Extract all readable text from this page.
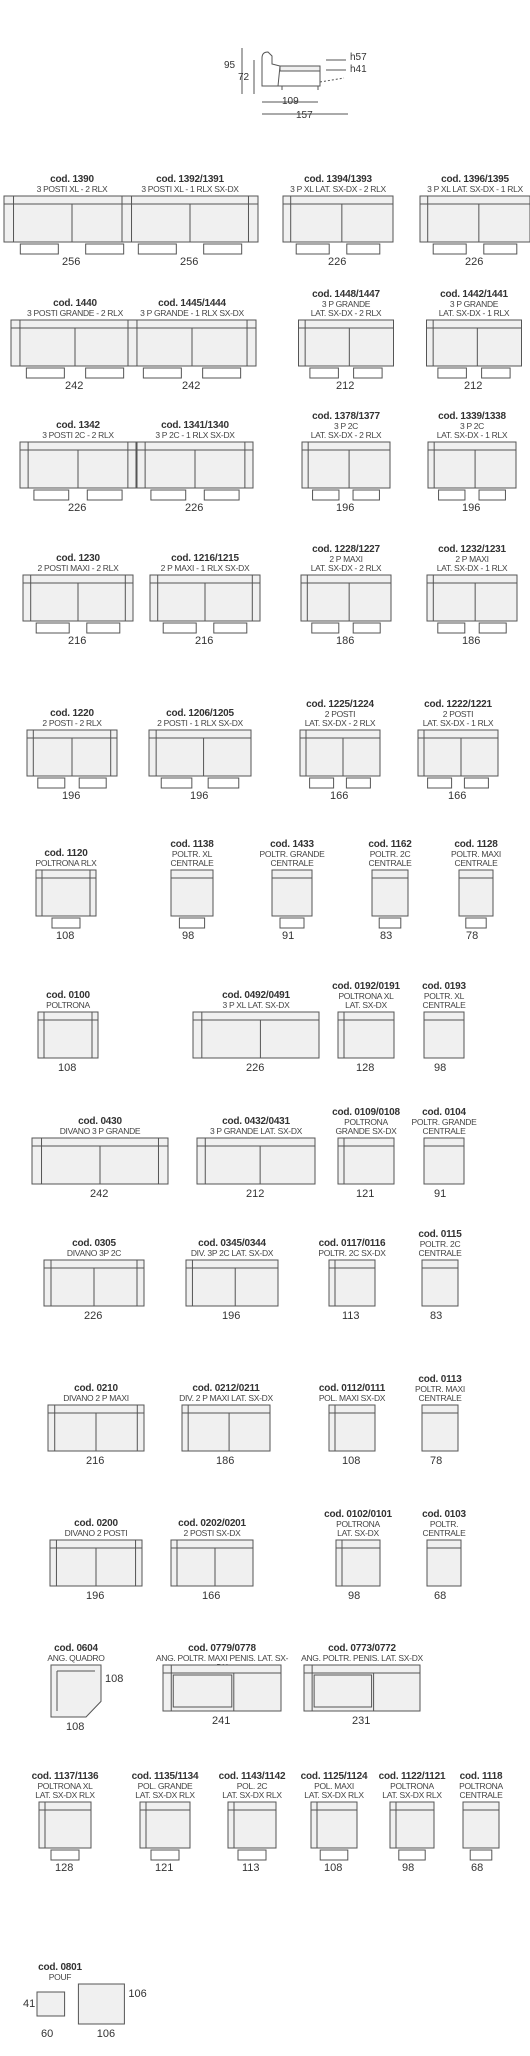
95
72
h57
h41
109
157
cod. 1390
3 POSTI XL - 2 RLX
256
cod. 1392/1391
3 POSTI XL - 1 RLX SX-DX
256
cod. 1394/1393
3 P XL LAT. SX-DX - 2 RLX
226
cod. 1396/1395
3 P XL LAT. SX-DX - 1 RLX
226
cod. 1440
3 POSTI GRANDE - 2 RLX
242
cod. 1445/1444
3 P GRANDE - 1 RLX SX-DX
242
cod. 1448/1447
3 P GRANDE
LAT. SX-DX - 2 RLX
212
cod. 1442/1441
3 P GRANDE
LAT. SX-DX - 1 RLX
212
cod. 1342
3 POSTI 2C - 2 RLX
226
cod. 1341/1340
3 P 2C - 1 RLX SX-DX
226
cod. 1378/1377
3 P 2C
LAT. SX-DX - 2 RLX
196
cod. 1339/1338
3 P 2C
LAT. SX-DX - 1 RLX
196
cod. 1230
2 POSTI MAXI - 2 RLX
216
cod. 1216/1215
2 P MAXI - 1 RLX SX-DX
216
cod. 1228/1227
2 P MAXI
LAT. SX-DX - 2 RLX
186
cod. 1232/1231
2 P MAXI
LAT. SX-DX - 1 RLX
186
cod. 1220
2 POSTI - 2 RLX
196
cod. 1206/1205
2 POSTI - 1 RLX SX-DX
196
cod. 1225/1224
2 POSTI
LAT. SX-DX - 2 RLX
166
cod. 1222/1221
2 POSTI
LAT. SX-DX - 1 RLX
166
cod. 1120
POLTRONA RLX
108
cod. 1138
POLTR. XL
CENTRALE
98
cod. 1433
POLTR. GRANDE
CENTRALE
91
cod. 1162
POLTR. 2C
CENTRALE
83
cod. 1128
POLTR. MAXI
CENTRALE
78
cod. 0100
POLTRONA
108
cod. 0492/0491
3 P XL LAT. SX-DX
226
cod. 0192/0191
POLTRONA XL
LAT. SX-DX
128
cod. 0193
POLTR. XL
CENTRALE
98
cod. 0430
DIVANO 3 P GRANDE
242
cod. 0432/0431
3 P GRANDE LAT. SX-DX
212
cod. 0109/0108
POLTRONA
GRANDE SX-DX
121
cod. 0104
POLTR. GRANDE
CENTRALE
91
cod. 0305
DIVANO 3P 2C
226
cod. 0345/0344
DIV. 3P 2C LAT. SX-DX
196
cod. 0117/0116
POLTR. 2C SX-DX
113
cod. 0115
POLTR. 2C
CENTRALE
83
cod. 0210
DIVANO 2 P MAXI
216
cod. 0212/0211
DIV. 2 P MAXI LAT. SX-DX
186
cod. 0112/0111
POL. MAXI SX-DX
108
cod. 0113
POLTR. MAXI
CENTRALE
78
cod. 0200
DIVANO 2 POSTI
196
cod. 0202/0201
2 POSTI SX-DX
166
cod. 0102/0101
POLTRONA
LAT. SX-DX
98
cod. 0103
POLTR.
CENTRALE
68
cod. 0604
ANG. QUADRO
108
108
cod. 0779/0778
ANG. POLTR. MAXI PENIS. LAT. SX-
241
cod. 0773/0772
ANG. POLTR. PENIS. LAT. SX-DX
231
cod. 1137/1136
POLTRONA XL
LAT. SX-DX RLX
128
cod. 1135/1134
POL. GRANDE
LAT. SX-DX RLX
121
cod. 1143/1142
POL. 2C
LAT. SX-DX RLX
113
cod. 1125/1124
POL. MAXI
LAT. SX-DX RLX
108
cod. 1122/1121
POLTRONA
LAT. SX-DX RLX
98
cod. 1118
POLTRONA
CENTRALE
68
cod. 0801
POUF
60
41
106
106
